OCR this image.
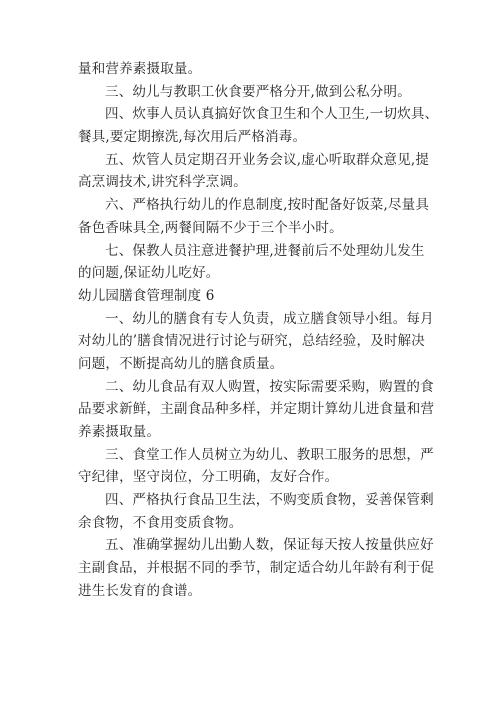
量和营养素摄取量。
三、幼儿与教职工伙食要严格分开,做到公私分明。
四、炊事人员认真搞好饮食卫生和个人卫生,一切炊具、
餐具,要定期擦洗,每次用后严格消毒。
五、炊管人员定期召开业务会议,虚心听取群众意见,提
高烹调技术,讲究科学烹调。
六、严格执行幼儿的作息制度,按时配备好饭菜,尽量具
备色香味具全,两餐间隔不少于三个半小时。
七、保教人员注意进餐护理,进餐前后不处理幼儿发生
的问题,保证幼儿吃好。
幼儿园膳食管理制度 6
一、幼儿的膳食有专人负责，成立膳食领导小组。每月
对幼儿的’膳食情况进行讨论与研究，总结经验，及时解决
问题，不断提高幼儿的膳食质量。
二、幼儿食品有双人购置，按实际需要采购，购置的食
品要求新鲜，主副食品种多样，并定期计算幼儿进食量和营
养素摄取量。
三、食堂工作人员树立为幼儿、教职工服务的思想，严
守纪律，坚守岗位，分工明确，友好合作。
四、严格执行食品卫生法，不购变质食物，妥善保管剩
余食物，不食用变质食物。
五、准确掌握幼儿出勤人数，保证每天按人按量供应好
主副食品，并根据不同的季节，制定适合幼儿年龄有利于促
进生长发育的食谱。
